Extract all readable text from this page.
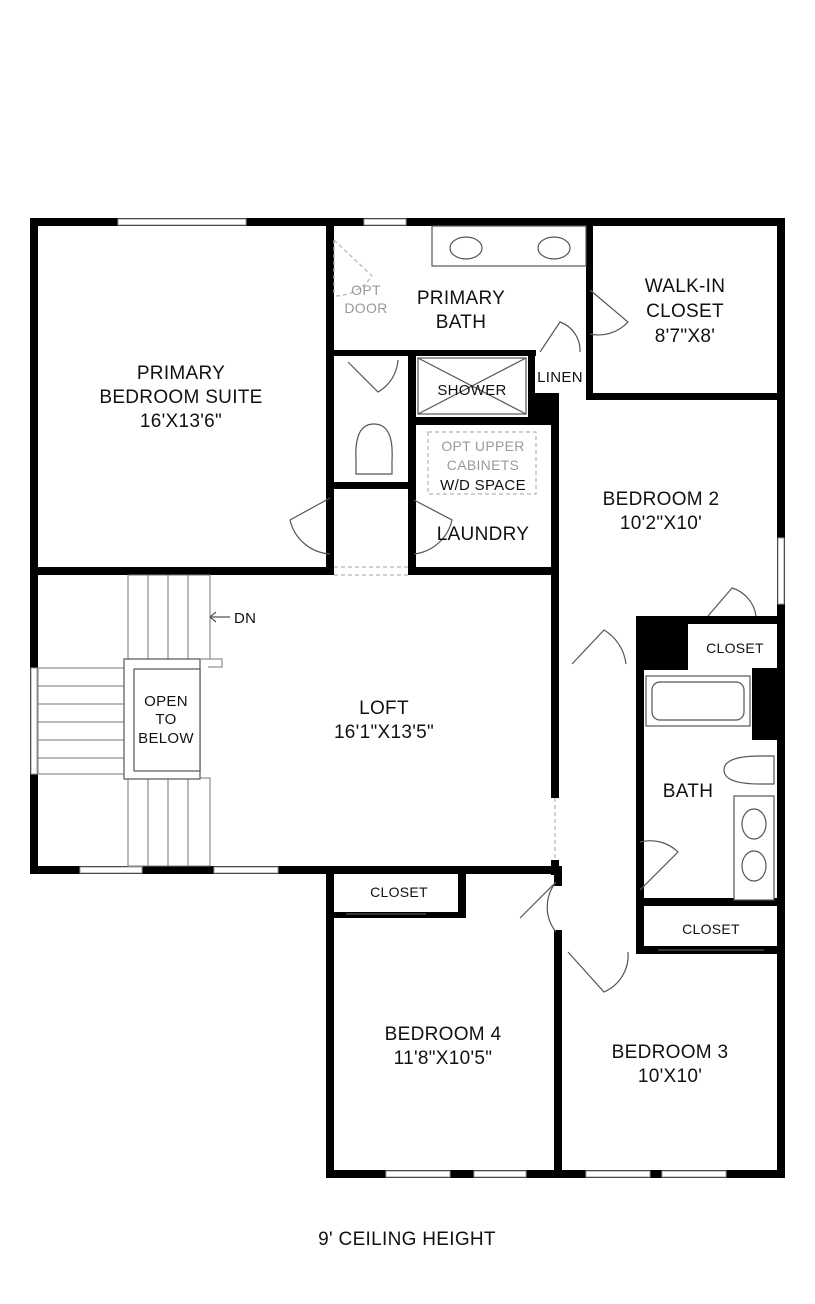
PRIMARY
BEDROOM SUITE
16'X13'6"
OPT
DOOR PRIMARY
BATH
WALK-IN
CLOSET
8'7"X8'
SHOWER
LINEN
OPT UPPER
CABINETS
W/D SPACE
LAUNDRY
BEDROOM 2
10'2"X10'
CLOSET
DN
OPEN
TO
BELOW
LOFT
16'1"X13'5"
BATH
CLOSET
BEDROOM 4
11'8"X10'5"
CLOSET
BEDROOM 3
10'X10'
9' CEILING HEIGHT
